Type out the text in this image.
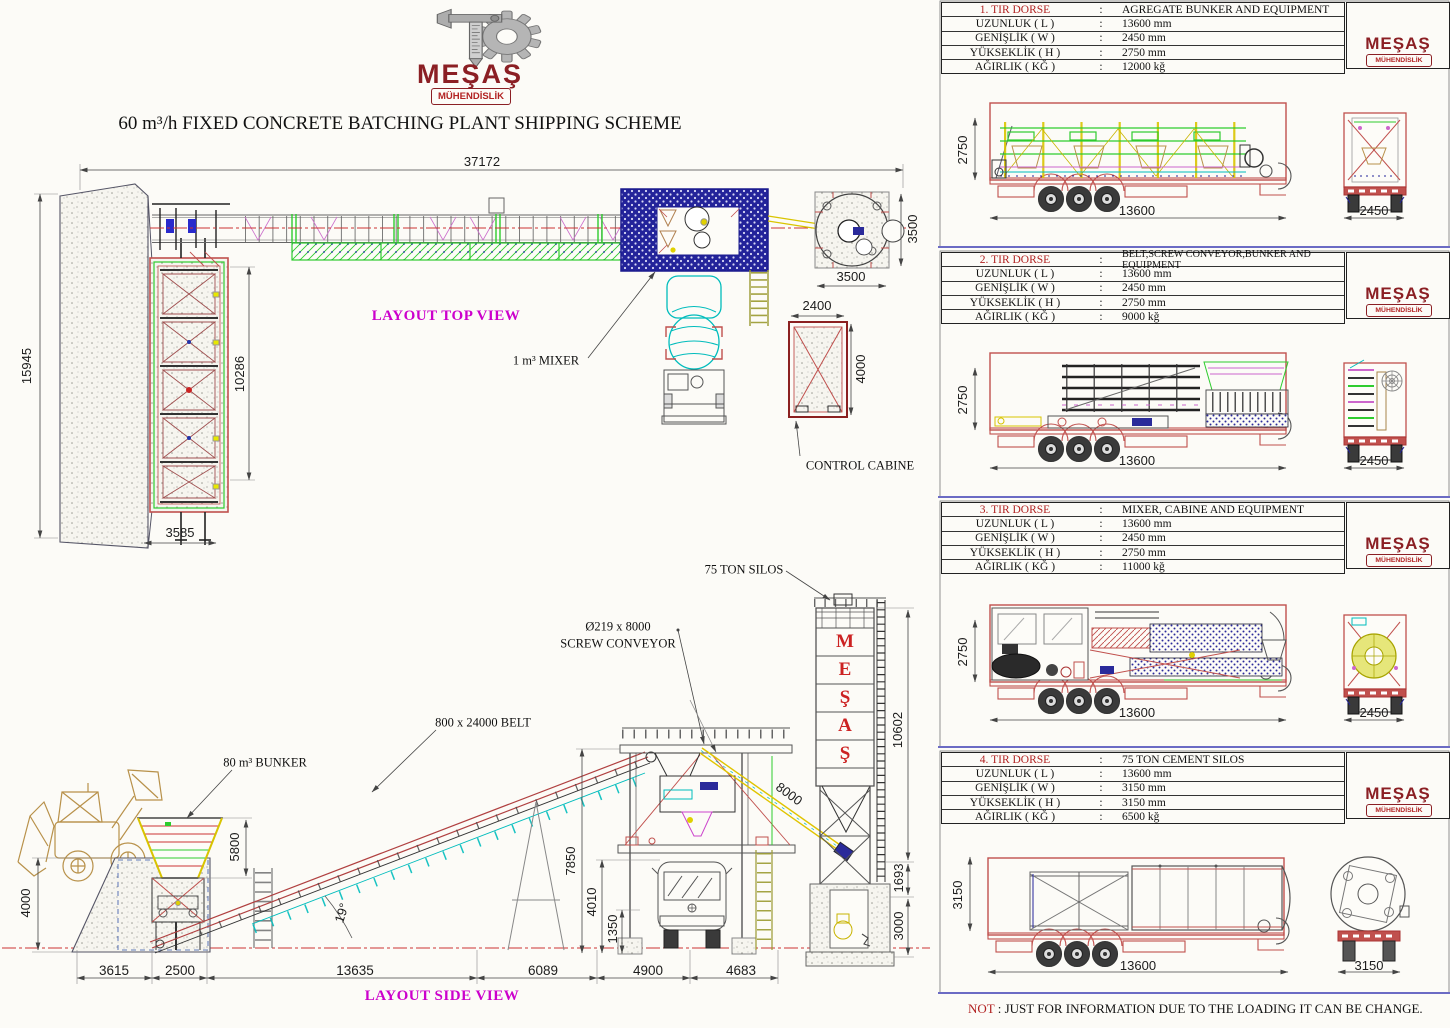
MEŞAŞ
MÜHENDİSLİK
60 m³/h FIXED CONCRETE BATCHING PLANT SHIPPING SCHEME
37172
15945	10286
3585
3500
3500
2400
4000
LAYOUT TOP VIEW
1 m³ MIXER
CONTROL CABINE
80 m³ BUNKER
800 x 24000 BELT
Ø219 x 8000
SCREW CONVEYOR
75 TON SILOS
8000
19°
5800
4000
7850
4010
1350
10602
1693
3000
3615	2500	13635	6089	4900	4683
LAYOUT SIDE VIEW
M
E
Ş
A
Ş
1. TIR DORSE	:	AGREGATE BUNKER AND EQUIPMENT
UZUNLUK ( L )	:	13600 mm
GENİŞLİK ( W )	:	2450 mm
YÜKSEKLİK ( H )	:	2750 mm
AĞIRLIK ( KĞ )	:	12000 kğ
2. TIR DORSE	:	BELT,SCREW CONVEYOR,BUNKER AND EQUIPMENT
UZUNLUK ( L )	:	13600 mm
GENİŞLİK ( W )	:	2450 mm
YÜKSEKLİK ( H )	:	2750 mm
AĞIRLIK ( KĞ )	:	9000 kğ
3. TIR DORSE	:	MIXER, CABINE AND EQUIPMENT
UZUNLUK ( L )	:	13600 mm
GENİŞLİK ( W )	:	2450 mm
YÜKSEKLİK ( H )	:	2750 mm
AĞIRLIK ( KĞ )	:	11000 kğ
4. TIR DORSE	:	75 TON CEMENT SILOS
UZUNLUK ( L )	:	13600 mm
GENİŞLİK ( W )	:	3150 mm
YÜKSEKLİK ( H )	:	3150 mm
AĞIRLIK ( KĞ )	:	6500 kğ
MEŞAŞ
MEŞAŞ
MEŞAŞ
MEŞAŞ
MÜHENDİSLİK
MÜHENDİSLİK
MÜHENDİSLİK
MÜHENDİSLİK
2750
13600	2450
2750
13600	2450
2750
13600	2450
3150
13600	3150
NOT : JUST FOR INFORMATION DUE TO THE LOADING IT CAN BE CHANGE.
